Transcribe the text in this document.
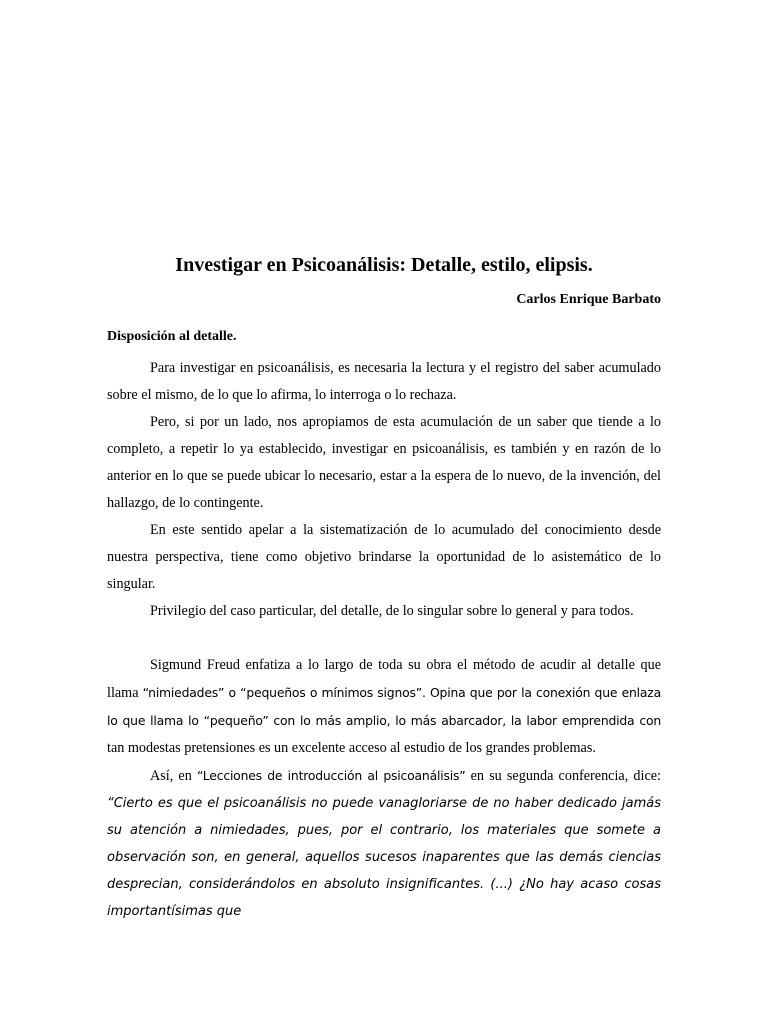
Investigar en Psicoanálisis: Detalle, estilo, elipsis.

Carlos Enrique Barbato

Disposición al detalle.

Para investigar en psicoanálisis, es necesaria la lectura y el registro del saber acumulado sobre el mismo, de lo que lo afirma, lo interroga o lo rechaza.

Pero, si por un lado, nos apropiamos de esta acumulación de un saber que tiende a lo completo, a repetir lo ya establecido, investigar en psicoanálisis, es también y en razón de lo anterior en lo que se puede ubicar lo necesario, estar a la espera de lo nuevo, de la invención, del hallazgo, de lo contingente.

En este sentido apelar a la sistematización de lo acumulado del conocimiento desde nuestra perspectiva, tiene como objetivo brindarse la oportunidad de lo asistemático de lo singular.

Privilegio del caso particular, del detalle, de lo singular sobre lo general y para todos.

Sigmund Freud enfatiza a lo largo de toda su obra el método de acudir al detalle que llama “nimiedades” o “pequeños o mínimos signos”. Opina que por la conexión que enlaza lo que llama lo “pequeño” con lo más amplio, lo más abarcador, la labor emprendida con tan modestas pretensiones es un excelente acceso al estudio de los grandes problemas.

Así, en “Lecciones de introducción al psicoanálisis” en su segunda conferencia, dice: “Cierto es que el psicoanálisis no puede vanagloriarse de no haber dedicado jamás su atención a nimiedades, pues, por el contrario, los materiales que somete a observación son, en general, aquellos sucesos inaparentes que las demás ciencias desprecian, considerándolos en absoluto insignificantes. (...) ¿No hay acaso cosas importantísimas que
